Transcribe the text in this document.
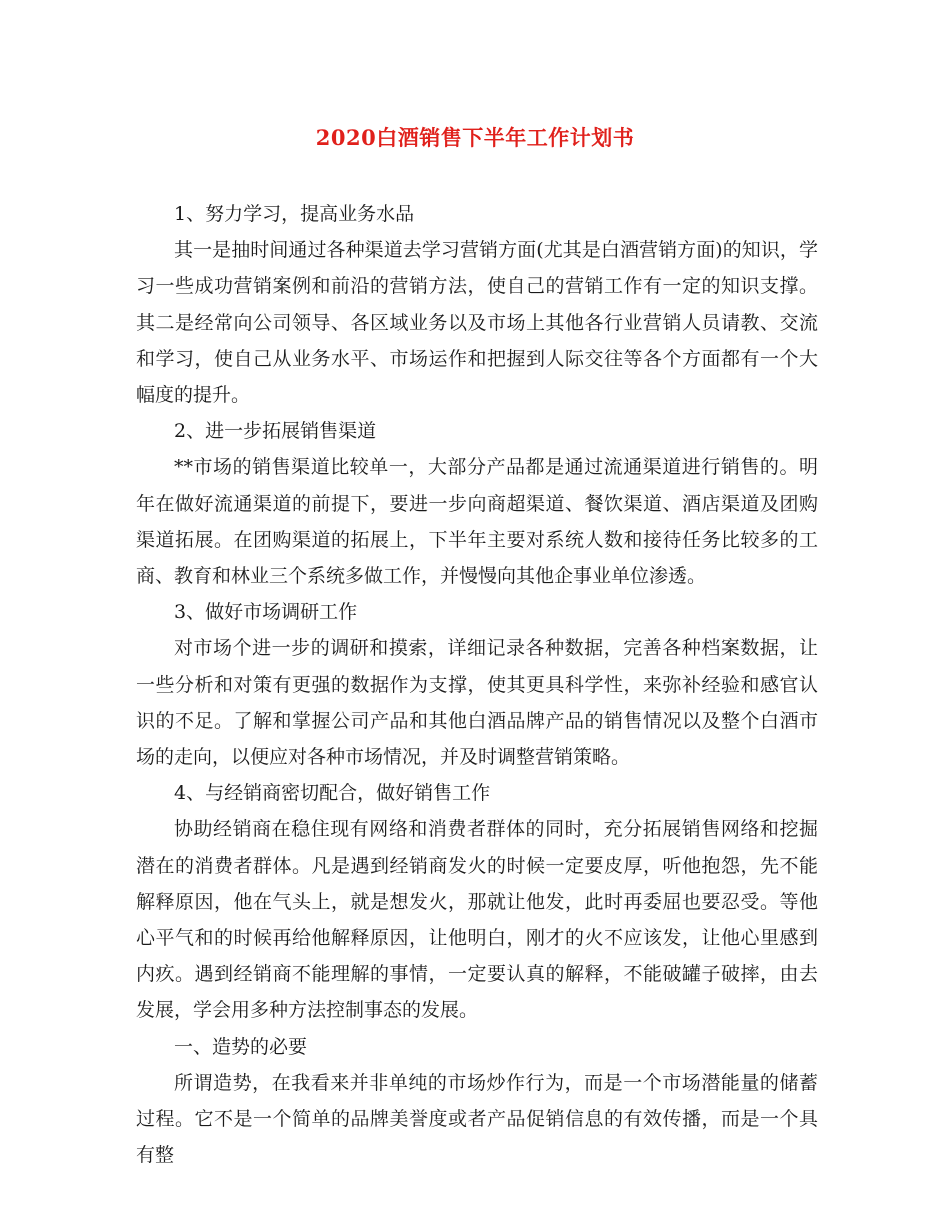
2020白酒销售下半年工作计划书

1、努力学习，提高业务水品

其一是抽时间通过各种渠道去学习营销方面(尤其是白酒营销方面)的知识，学习一些成功营销案例和前沿的营销方法，使自己的营销工作有一定的知识支撑。其二是经常向公司领导、各区域业务以及市场上其他各行业营销人员请教、交流和学习，使自己从业务水平、市场运作和把握到人际交往等各个方面都有一个大幅度的提升。

2、进一步拓展销售渠道

**市场的销售渠道比较单一，大部分产品都是通过流通渠道进行销售的。明年在做好流通渠道的前提下，要进一步向商超渠道、餐饮渠道、酒店渠道及团购渠道拓展。在团购渠道的拓展上，下半年主要对系统人数和接待任务比较多的工商、教育和林业三个系统多做工作，并慢慢向其他企事业单位渗透。

3、做好市场调研工作

对市场个进一步的调研和摸索，详细记录各种数据，完善各种档案数据，让一些分析和对策有更强的数据作为支撑，使其更具科学性，来弥补经验和感官认识的不足。了解和掌握公司产品和其他白酒品牌产品的销售情况以及整个白酒市场的走向，以便应对各种市场情况，并及时调整营销策略。

4、与经销商密切配合，做好销售工作

协助经销商在稳住现有网络和消费者群体的同时，充分拓展销售网络和挖掘潜在的消费者群体。凡是遇到经销商发火的时候一定要皮厚，听他抱怨，先不能解释原因，他在气头上，就是想发火，那就让他发，此时再委屈也要忍受。等他心平气和的时候再给他解释原因，让他明白，刚才的火不应该发，让他心里感到内疚。遇到经销商不能理解的事情，一定要认真的解释，不能破罐子破摔，由去发展，学会用多种方法控制事态的发展。

一、造势的必要

所谓造势，在我看来并非单纯的市场炒作行为，而是一个市场潜能量的储蓄过程。它不是一个简单的品牌美誉度或者产品促销信息的有效传播，而是一个具有整
